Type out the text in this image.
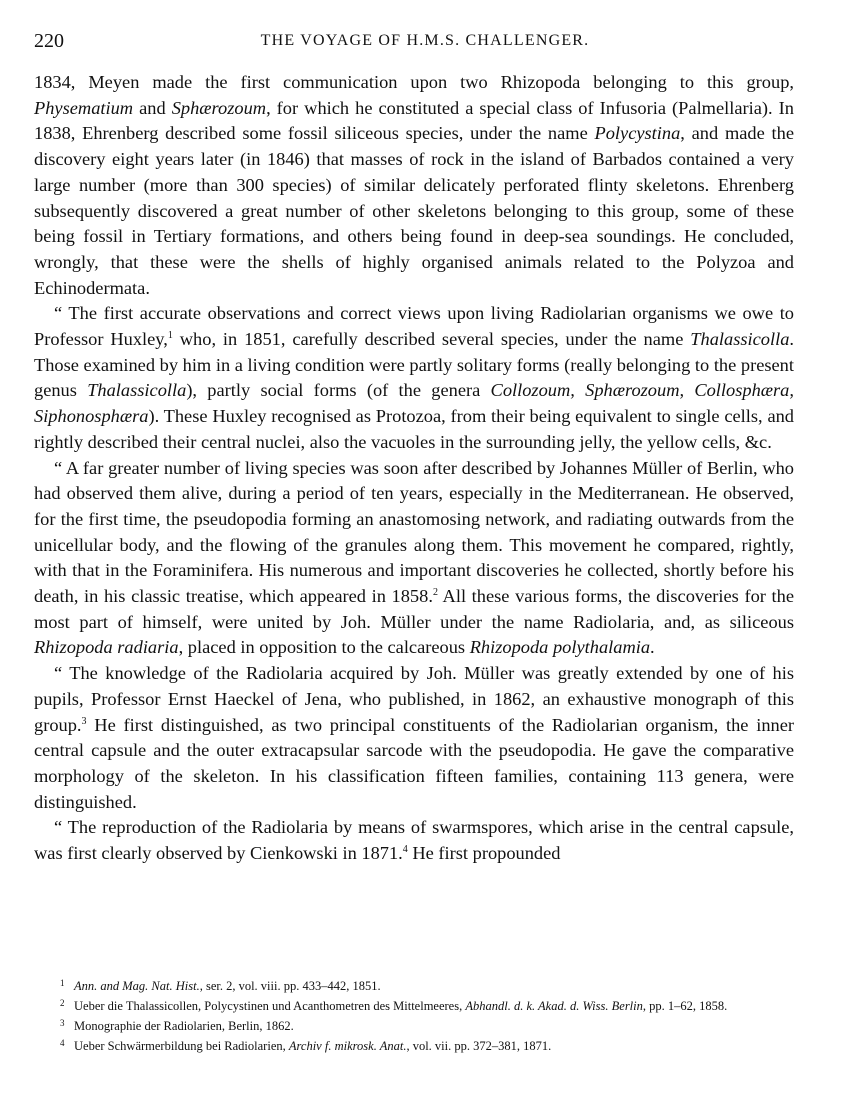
220	THE VOYAGE OF H.M.S. CHALLENGER.

1834, Meyen made the first communication upon two Rhizopoda belonging to this group, Physematium and Sphærozoum, for which he constituted a special class of Infusoria (Palmellaria). In 1838, Ehrenberg described some fossil siliceous species, under the name Polycystina, and made the discovery eight years later (in 1846) that masses of rock in the island of Barbados contained a very large number (more than 300 species) of similar delicately perforated flinty skeletons. Ehrenberg subsequently discovered a great number of other skeletons belonging to this group, some of these being fossil in Tertiary formations, and others being found in deep-sea soundings. He concluded, wrongly, that these were the shells of highly organised animals related to the Polyzoa and Echinodermata.

“ The first accurate observations and correct views upon living Radiolarian organisms we owe to Professor Huxley,$^1$ who, in 1851, carefully described several species, under the name Thalassicolla. Those examined by him in a living condition were partly solitary forms (really belonging to the present genus Thalassicolla), partly social forms (of the genera Collozoum, Sphærozoum, Collosphæra, Siphonosphæra). These Huxley recognised as Protozoa, from their being equivalent to single cells, and rightly described their central nuclei, also the vacuoles in the surrounding jelly, the yellow cells, &c.

“ A far greater number of living species was soon after described by Johannes Müller of Berlin, who had observed them alive, during a period of ten years, especially in the Mediterranean. He observed, for the first time, the pseudopodia forming an anastomosing network, and radiating outwards from the unicellular body, and the flowing of the granules along them. This movement he compared, rightly, with that in the Foraminifera. His numerous and important discoveries he collected, shortly before his death, in his classic treatise, which appeared in 1858.$^2$ All these various forms, the discoveries for the most part of himself, were united by Joh. Müller under the name Radiolaria, and, as siliceous Rhizopoda radiaria, placed in opposition to the calcareous Rhizopoda polythalamia.

“ The knowledge of the Radiolaria acquired by Joh. Müller was greatly extended by one of his pupils, Professor Ernst Haeckel of Jena, who published, in 1862, an exhaustive monograph of this group.$^3$ He first distinguished, as two principal constituents of the Radiolarian organism, the inner central capsule and the outer extracapsular sarcode with the pseudopodia. He gave the comparative morphology of the skeleton. In his classification fifteen families, containing 113 genera, were distinguished.

“ The reproduction of the Radiolaria by means of swarmspores, which arise in the central capsule, was first clearly observed by Cienkowski in 1871.$^4$ He first propounded

1 Ann. and Mag. Nat. Hist., ser. 2, vol. viii. pp. 433–442, 1851.

2 Ueber die Thalassicollen, Polycystinen und Acanthometren des Mittelmeeres, Abhandl. d. k. Akad. d. Wiss. Berlin, pp. 1–62, 1858.

3 Monographie der Radiolarien, Berlin, 1862.

4 Ueber Schwärmerbildung bei Radiolarien, Archiv f. mikrosk. Anat., vol. vii. pp. 372–381, 1871.
